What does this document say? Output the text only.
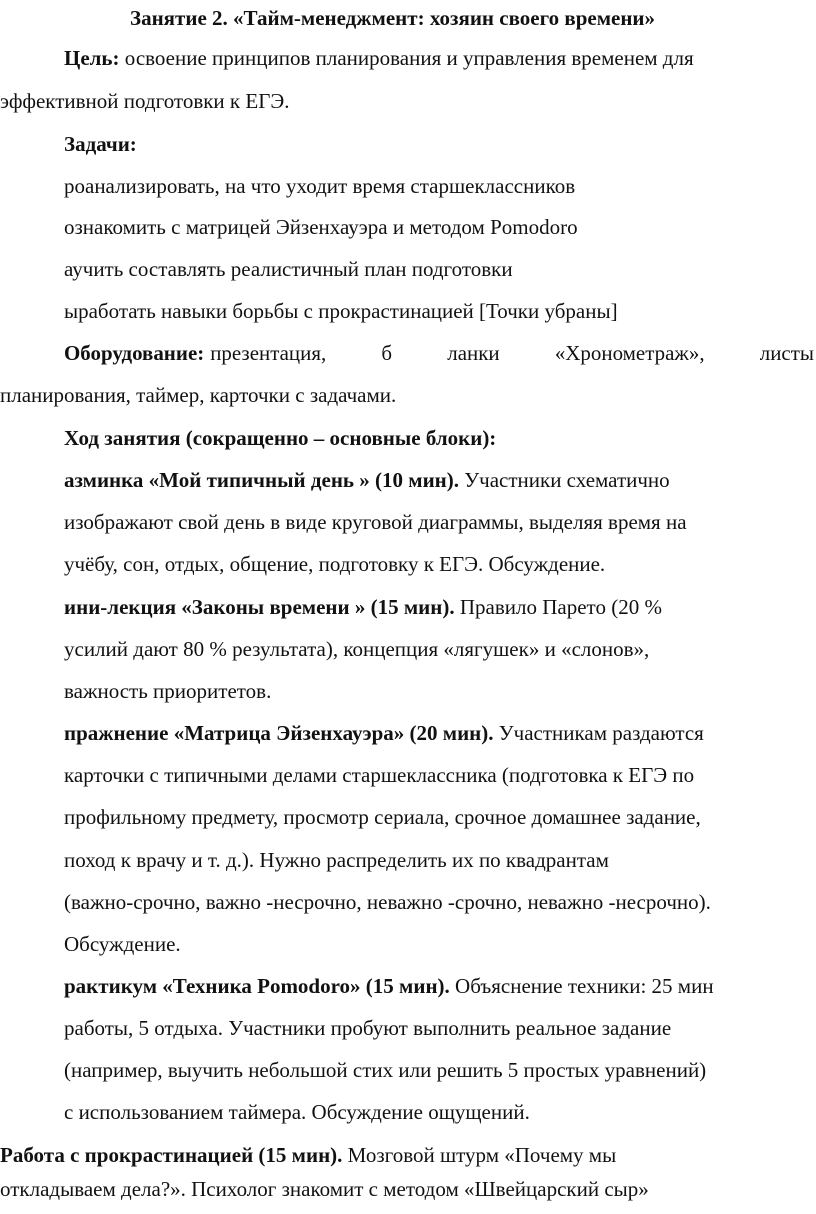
Занятие 2. «Тайм-менеджмент: хозяин своего времени»
Цель: освоение принципов планирования и управления временем для
эффективной подготовки к ЕГЭ.
Задачи:
роанализировать, на что уходит время старшеклассников
ознакомить с матрицей Эйзенхауэра и методом Pomodoro
аучить составлять реалистичный план подготовки
ыработать навыки борьбы с прокрастинацией [Точки убраны]
Оборудование: презентация,	б	ланки	«Хронометраж»,	листы
планирования, таймер, карточки с задачами.
Ход занятия (сокращенно – основные блоки):
азминка «Мой типичный день » (10 мин). Участники схематично
изображают свой день в виде круговой диаграммы, выделяя время на
учёбу, сон, отдых, общение, подготовку к ЕГЭ. Обсуждение.
ини-лекция «Законы времени » (15 мин). Правило Парето (20 %
усилий дают 80 % результата), концепция «лягушек» и «слонов»,
важность приоритетов.
пражнение «Матрица Эйзенхауэра» (20 мин). Участникам раздаются
карточки с типичными делами старшеклассника (подготовка к ЕГЭ по
профильному предмету, просмотр сериала, срочное домашнее задание,
поход к врачу и т. д.). Нужно распределить их по квадрантам
(важно-срочно, важно -несрочно, неважно -срочно, неважно -несрочно).
Обсуждение.
рактикум «Техника Pomodoro» (15 мин). Объяснение техники: 25 мин
работы, 5 отдыха. Участники пробуют выполнить реальное задание
(например, выучить небольшой стих или решить 5 простых уравнений)
с использованием таймера. Обсуждение ощущений.
Работа с прокрастинацией (15 мин). Мозговой штурм «Почему мы
откладываем дела?». Психолог знакомит с методом «Швейцарский сыр»
